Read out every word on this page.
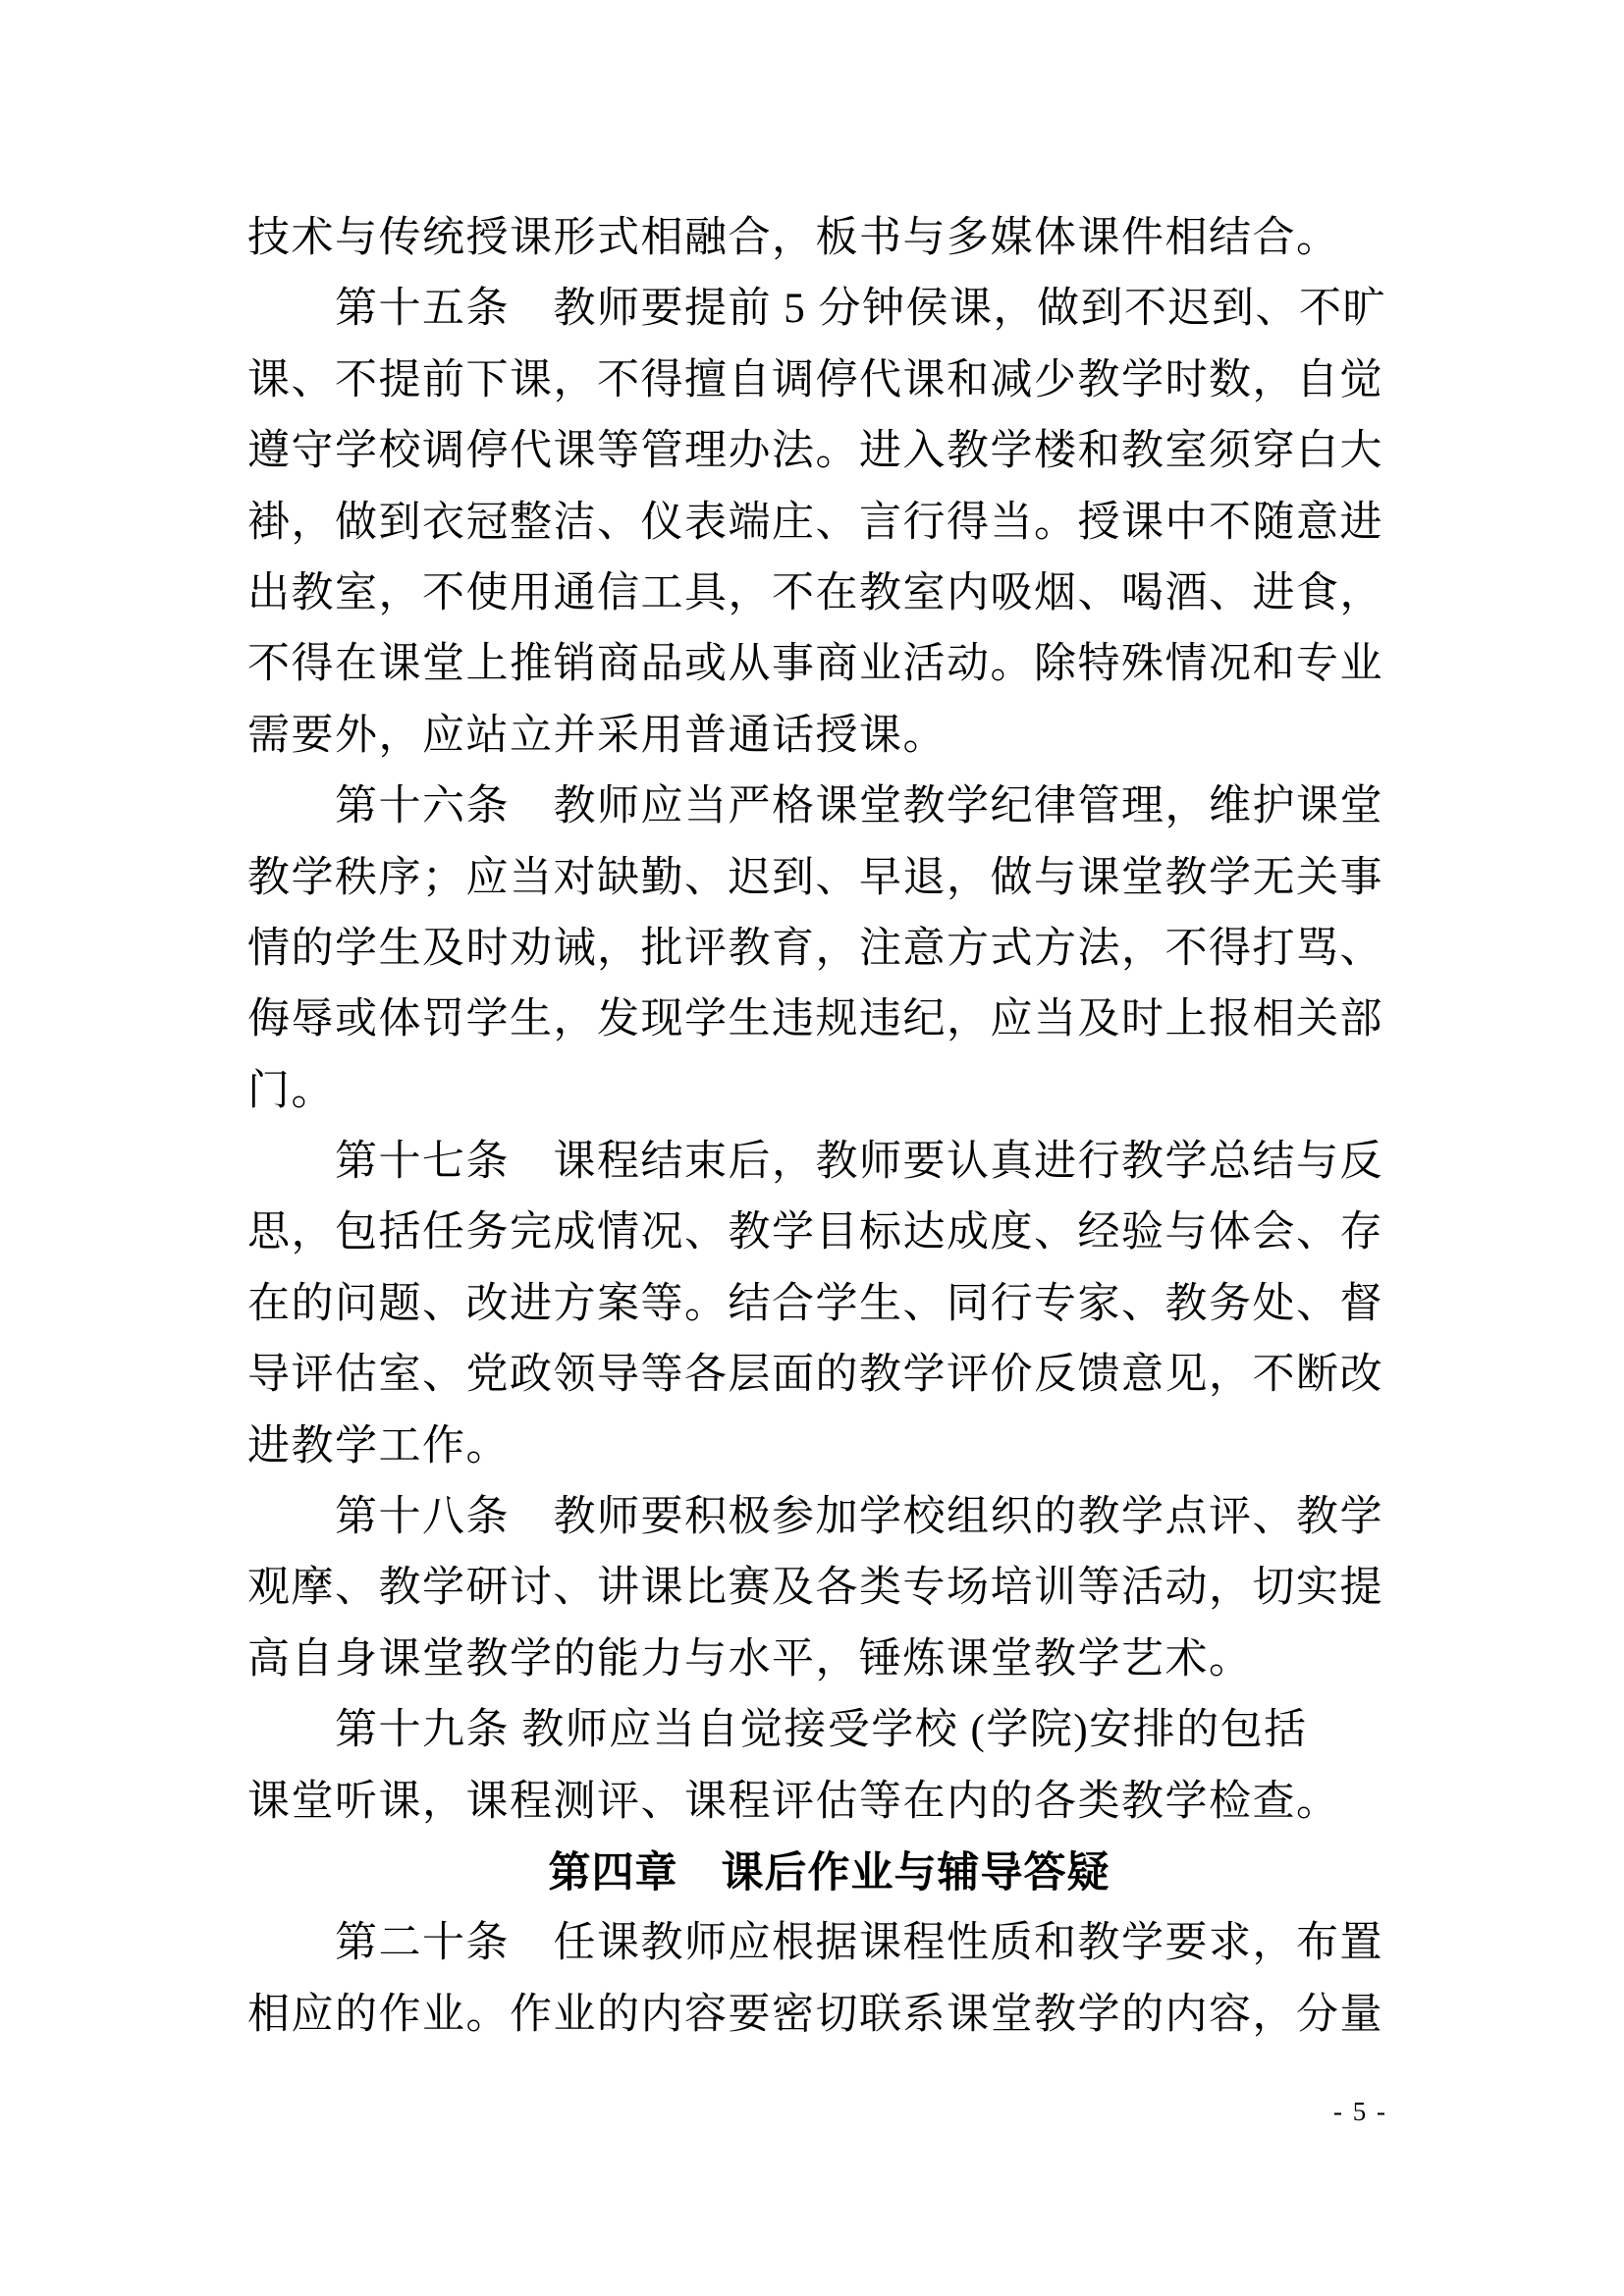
技术与传统授课形式相融合，板书与多媒体课件相结合。
　　第十五条　教师要提前 5 分钟侯课，做到不迟到、不旷
课、不提前下课，不得擅自调停代课和减少教学时数，自觉
遵守学校调停代课等管理办法。进入教学楼和教室须穿白大
褂，做到衣冠整洁、仪表端庄、言行得当。授课中不随意进
出教室，不使用通信工具，不在教室内吸烟、喝酒、进食，
不得在课堂上推销商品或从事商业活动。除特殊情况和专业
需要外，应站立并采用普通话授课。
　　第十六条　教师应当严格课堂教学纪律管理，维护课堂
教学秩序；应当对缺勤、迟到、早退，做与课堂教学无关事
情的学生及时劝诫，批评教育，注意方式方法，不得打骂、
侮辱或体罚学生，发现学生违规违纪，应当及时上报相关部
门。
　　第十七条　课程结束后，教师要认真进行教学总结与反
思，包括任务完成情况、教学目标达成度、经验与体会、存
在的问题、改进方案等。结合学生、同行专家、教务处、督
导评估室、党政领导等各层面的教学评价反馈意见，不断改
进教学工作。
　　第十八条　教师要积极参加学校组织的教学点评、教学
观摩、教学研讨、讲课比赛及各类专场培训等活动，切实提
高自身课堂教学的能力与水平，锤炼课堂教学艺术。
　　第十九条 教师应当自觉接受学校 (学院)安排的包括
课堂听课，课程测评、课程评估等在内的各类教学检查。
第四章　课后作业与辅导答疑
　　第二十条　任课教师应根据课程性质和教学要求，布置
相应的作业。作业的内容要密切联系课堂教学的内容，分量
- 5 -
